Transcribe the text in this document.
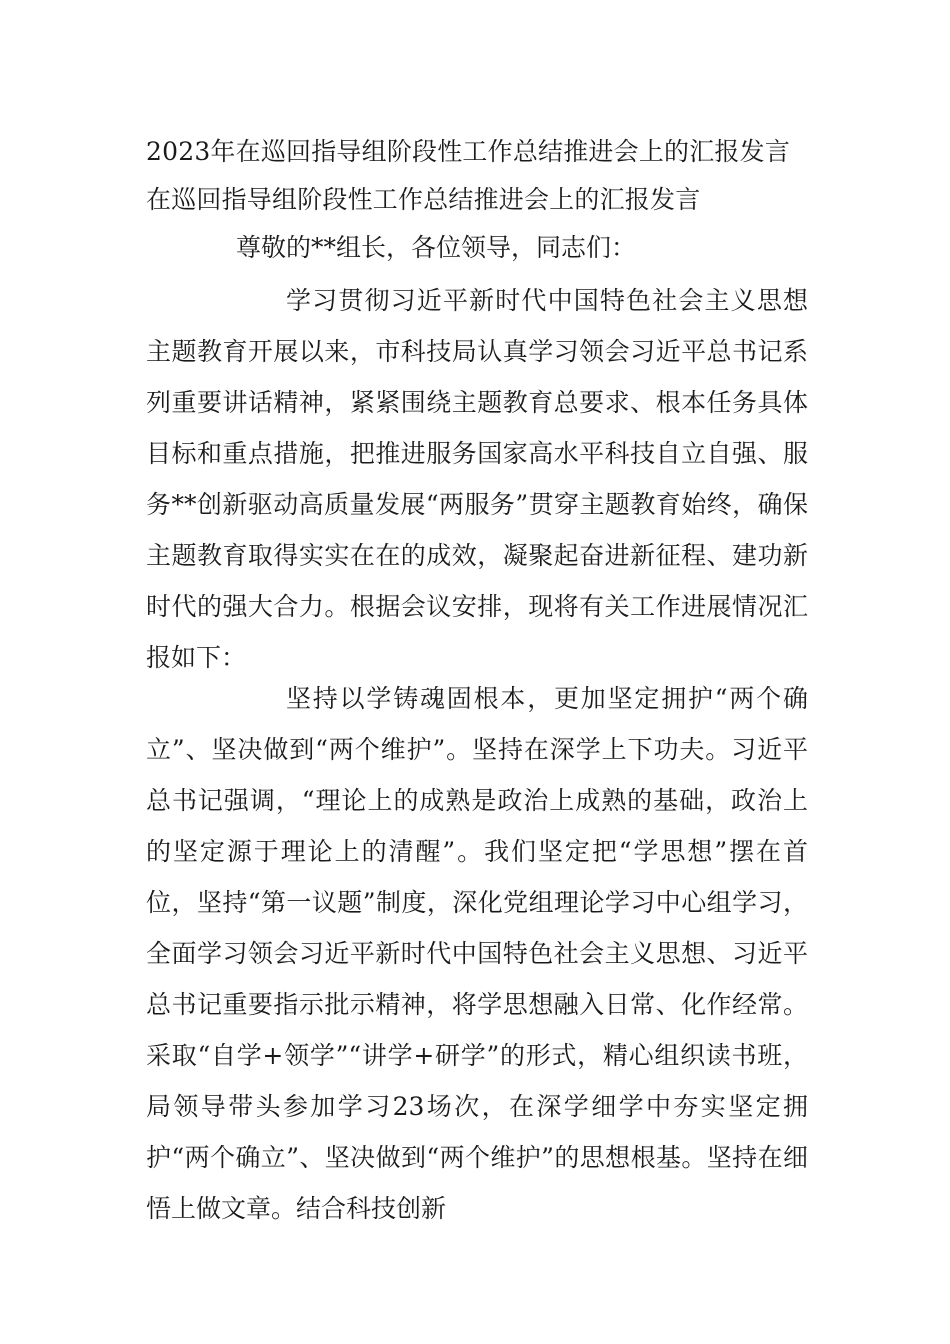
2023年在巡回指导组阶段性工作总结推进会上的汇报发言
在巡回指导组阶段性工作总结推进会上的汇报发言
尊敬的**组长，各位领导，同志们：

学习贯彻习近平新时代中国特色社会主义思想主题教育开展以来，市科技局认真学习领会习近平总书记系列重要讲话精神，紧紧围绕主题教育总要求、根本任务具体目标和重点措施，把推进服务国家高水平科技自立自强、服务**创新驱动高质量发展“两服务”贯穿主题教育始终，确保主题教育取得实实在在的成效，凝聚起奋进新征程、建功新时代的强大合力。根据会议安排，现将有关工作进展情况汇报如下：

坚持以学铸魂固根本，更加坚定拥护“两个确立”、坚决做到“两个维护”。坚持在深学上下功夫。习近平总书记强调，“理论上的成熟是政治上成熟的基础，政治上的坚定源于理论上的清醒”。我们坚定把“学思想”摆在首位，坚持“第一议题”制度，深化党组理论学习中心组学习，全面学习领会习近平新时代中国特色社会主义思想、习近平总书记重要指示批示精神，将学思想融入日常、化作经常。采取“自学+领学”“讲学+研学”的形式，精心组织读书班，局领导带头参加学习23场次，在深学细学中夯实坚定拥护“两个确立”、坚决做到“两个维护”的思想根基。坚持在细悟上做文章。结合科技创新
